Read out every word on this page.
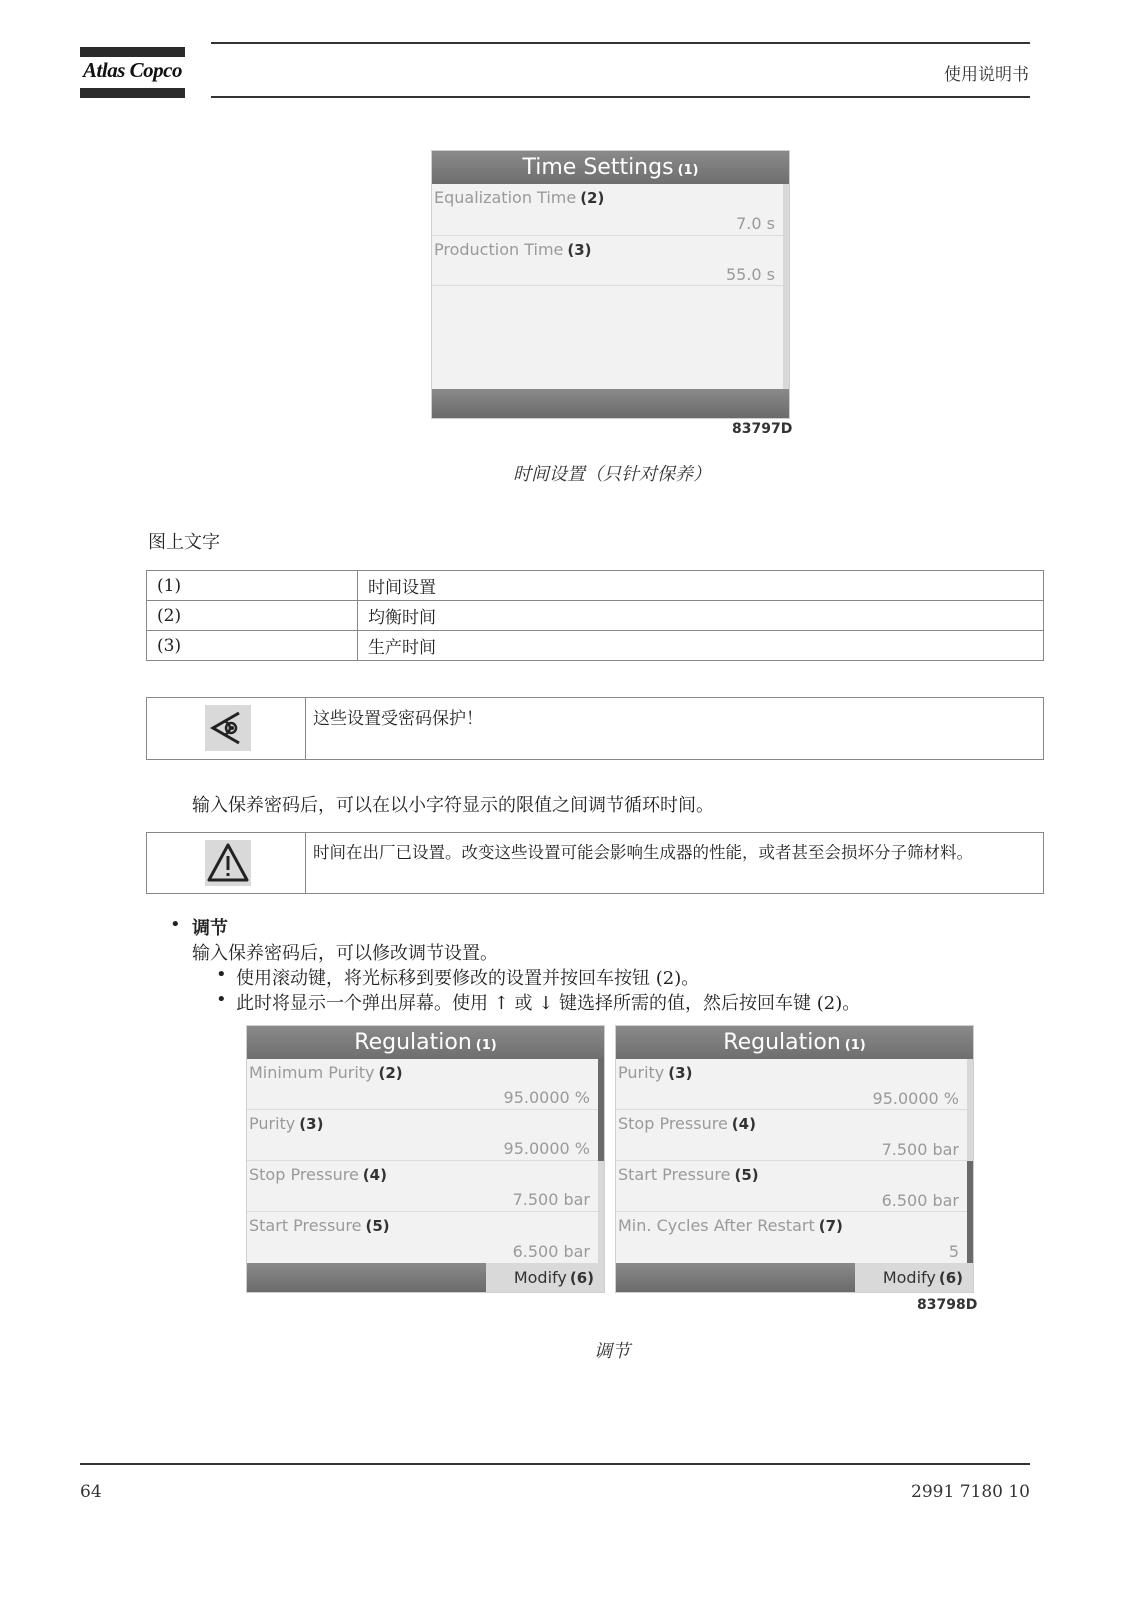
Atlas Copco	使用说明书
Time Settings (1)
Equalization Time (2)
7.0 s
Production Time (3)
55.0 s
83797D
时间设置（只针对保养）
图上文字
(1)	时间设置
(2)	均衡时间
(3)	生产时间
这些设置受密码保护！
输入保养密码后，可以在以小字符显示的限值之间调节循环时间。
时间在出厂已设置。改变这些设置可能会影响生成器的性能，或者甚至会损坏分子筛材料。
• 调节
输入保养密码后，可以修改调节设置。
• 使用滚动键，将光标移到要修改的设置并按回车按钮 (2)。
• 此时将显示一个弹出屏幕。使用 ↑ 或 ↓ 键选择所需的值，然后按回车键 (2)。
Regulation (1)
Minimum Purity (2)
95.0000 %
Purity (3)
95.0000 %
Stop Pressure (4)
7.500 bar
Start Pressure (5)
6.500 bar
Modify (6)
Regulation (1)
Purity (3)
95.0000 %
Stop Pressure (4)
7.500 bar
Start Pressure (5)
6.500 bar
Min. Cycles After Restart (7)
5
Modify (6)
83798D
调节
64	2991 7180 10
